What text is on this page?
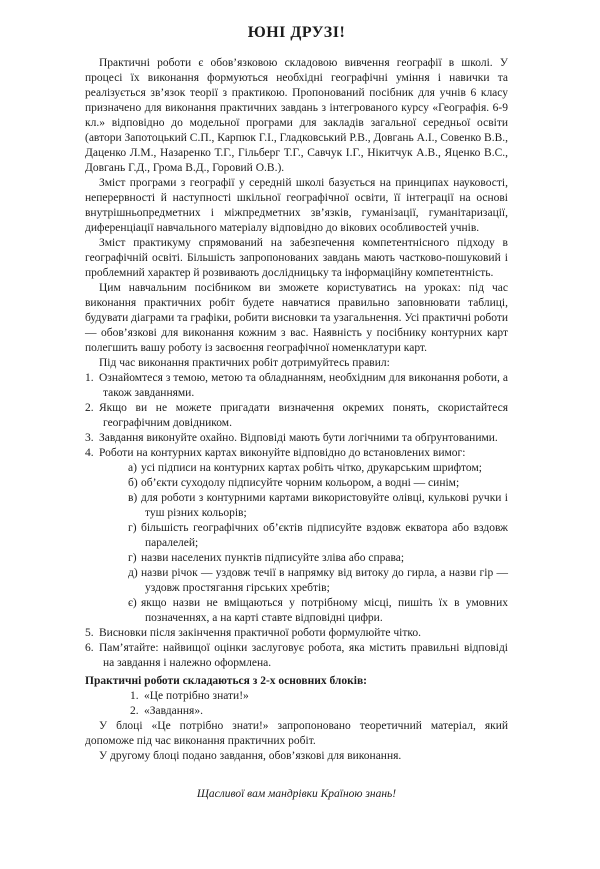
ЮНІ ДРУЗІ!

Практичні роботи є обов’язковою складовою вивчення географії в школі. У процесі їх виконання формуються необхідні географічні уміння і навички та реалізується зв’язок теорії з практикою. Пропонований посібник для учнів 6 класу призначено для виконання практичних завдань з інтегрованого курсу «Географія. 6-9 кл.» відповідно до модельної програми для закладів загальної середньої освіти (автори Запотоцький С.П., Карпюк Г.І., Гладковський Р.В., Довгань А.І., Совенко В.В., Даценко Л.М., Назаренко Т.Г., Гільберг Т.Г., Савчук І.Г., Нікитчук А.В., Яценко В.С., Довгань Г.Д., Грома В.Д., Горовий О.В.).

Зміст програми з географії у середній школі базується на принципах науковості, неперервності й наступності шкільної географічної освіти, її інтеграції на основі внутрішньопредметних і міжпредметних зв’язків, гуманізації, гуманітаризації, диференціації навчального матеріалу відповідно до вікових особливостей учнів.

Зміст практикуму спрямований на забезпечення компетентнісного підходу в географічній освіті. Більшість запропонованих завдань мають частково-пошуковий і проблемний характер й розвивають дослідницьку та інформаційну компетентність.

Цим навчальним посібником ви зможете користуватись на уроках: під час виконання практичних робіт будете навчатися правильно заповнювати таблиці, будувати діаграми та графіки, робити висновки та узагальнення. Усі практичні роботи — обов’язкові для виконання кожним з вас. Наявність у посібнику контурних карт полегшить вашу роботу із засвоєння географічної номенклатури карт.

Під час виконання практичних робіт дотримуйтесь правил:

1. Ознайомтеся з темою, метою та обладнанням, необхідним для виконання роботи, а також завданнями.
2. Якщо ви не можете пригадати визначення окремих понять, скористайтеся географічним довідником.
3. Завдання виконуйте охайно. Відповіді мають бути логічними та обґрунтованими.
4. Роботи на контурних картах виконуйте відповідно до встановлених вимог:
а) усі підписи на контурних картах робіть чітко, друкарським шрифтом;
б) об’єкти суходолу підписуйте чорним кольором, а водні — синім;
в) для роботи з контурними картами використовуйте олівці, кулькові ручки і туш різних кольорів;
г) більшість географічних об’єктів підписуйте вздовж екватора або вздовж паралелей;
г) назви населених пунктів підписуйте зліва або справа;
д) назви річок — уздовж течії в напрямку від витоку до гирла, а назви гір — уздовж простягання гірських хребтів;
є) якщо назви не вміщаються у потрібному місці, пишіть їх в умовних позначеннях, а на карті ставте відповідні цифри.
5. Висновки після закінчення практичної роботи формулюйте чітко.
6. Пам’ятайте: найвищої оцінки заслуговує робота, яка містить правильні відповіді на завдання і належно оформлена.

Практичні роботи складаються з 2-х основних блоків:

1. «Це потрібно знати!»
2. «Завдання».

У блоці «Це потрібно знати!» запропоновано теоретичний матеріал, який допоможе під час виконання практичних робіт.

У другому блоці подано завдання, обов’язкові для виконання.

Щасливої вам мандрівки Країною знань!
